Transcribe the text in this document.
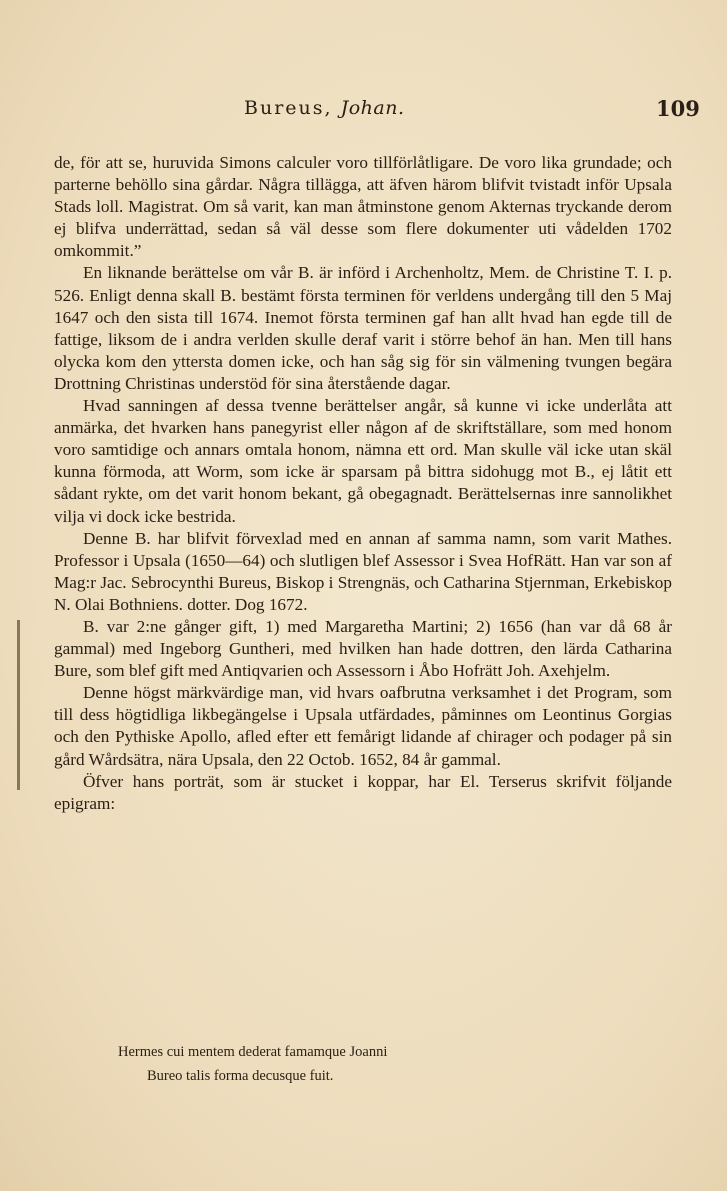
Burеus, Johan.	109

de, för att se, huruvida Simons calculer voro tillförlåtligare. De voro lika grundade; och parterne behöllo sina gårdar. Några tillägga, att äfven härom blifvit tvistadt inför Upsala Stads loll. Magistrat. Om så varit, kan man åtminstone genom Akternas tryckande derom ej blifva underrättad, sedan så väl desse som flere dokumenter uti vådelden 1702 omkommit.”

En liknande berättelse om vår B. är införd i Archenholtz, Mem. de Christine T. I. p. 526. Enligt denna skall B. bestämt första terminen för verldens undergång till den 5 Maj 1647 och den sista till 1674. Inemot första terminen gaf han allt hvad han egde till de fattige, liksom de i andra verlden skulle deraf varit i större behof än han. Men till hans olycka kom den yttersta domen icke, och han såg sig för sin välmening tvungen begära Drottning Christinas understöd för sina återstående dagar.

Hvad sanningen af dessa tvenne berättelser angår, så kunne vi icke underlåta att anmärka, det hvarken hans panegyrist eller någon af de skriftställare, som med honom voro samtidige och annars omtala honom, nämna ett ord. Man skulle väl icke utan skäl kunna förmoda, att Worm, som icke är sparsam på bittra sidohugg mot B., ej låtit ett sådant rykte, om det varit honom bekant, gå obegagnadt. Berättelsernas inre sannolikhet vilja vi dock icke bestrida.

Denne B. har blifvit förvexlad med en annan af samma namn, som varit Mathes. Professor i Upsala (1650—64) och slutligen blef Assessor i Svea HofRätt. Han var son af Mag:r Jac. Sebrocynthi Bureus, Biskop i Strengnäs, och Catharina Stjernman, Erkebiskop N. Olai Bothniens. dotter. Dog 1672.

B. var 2:ne gånger gift, 1) med Margaretha Martini; 2) 1656 (han var då 68 år gammal) med Ingeborg Guntheri, med hvilken han hade dottren, den lärda Catharina Bure, som blef gift med Antiqvarien och Assessorn i Åbo Hofrätt Joh. Axehjelm.

Denne högst märkvärdige man, vid hvars oafbrutna verksamhet i det Program, som till dess högtidliga likbegängelse i Upsala utfärdades, påminnes om Leontinus Gorgias och den Pythiske Apollo, afled efter ett femårigt lidande af chirager och podager på sin gård Wårdsätra, nära Upsala, den 22 Octob. 1652, 84 år gammal.

Öfver hans porträt, som är stucket i koppar, har El. Terserus skrifvit följande epigram:

Hermes cui mentem dederat famamque Joanni
Bureo talis forma decusque fuit.
